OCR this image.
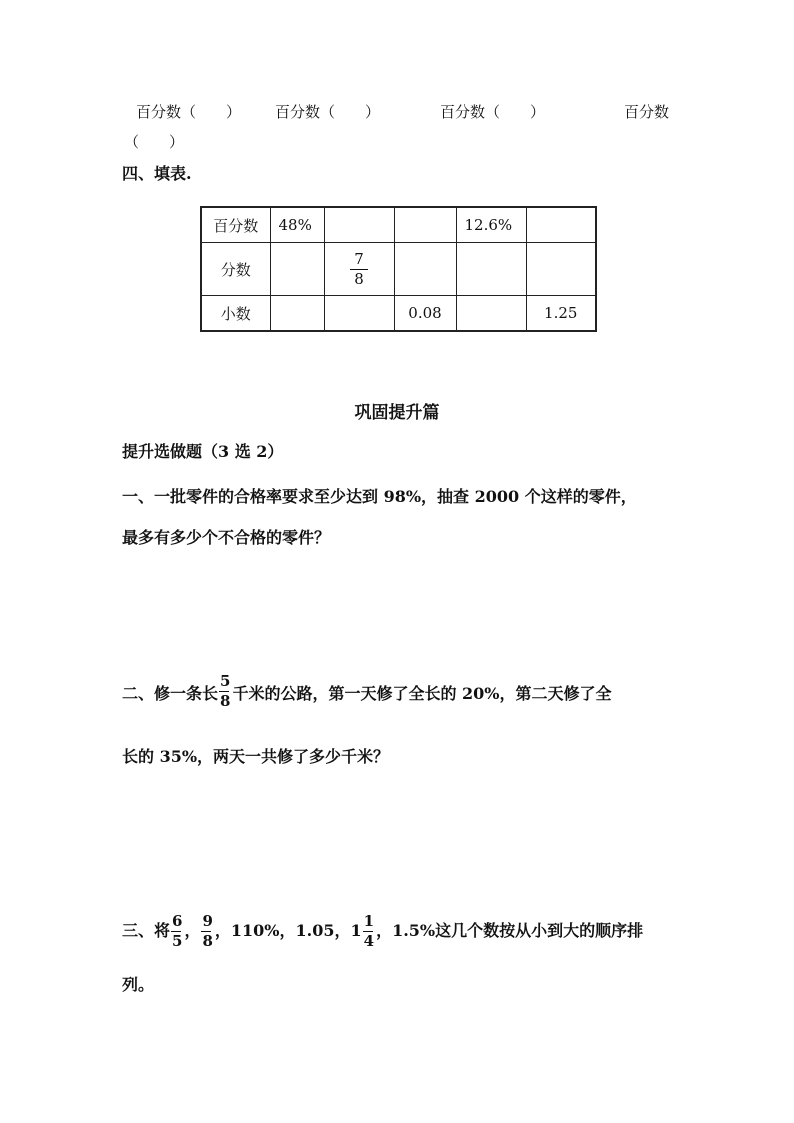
百分数（　　） 百分数（　　）	百分数（　　）	百分数
（　　）
四、填表.
百分数	48%			12.6%	
分数		$\frac{7}{8}$

小数			0.08		1.25
巩固提升篇
提升选做题（3 选 2）
一、一批零件的合格率要求至少达到 98%，抽查 2000 个这样的零件，
最多有多少个不合格的零件？
二、修一条长 $\frac{5}{8}$ 千米的公路，第一天修了全长的 20%，第二天修了全
长的 35%，两天一共修了多少千米？
三、将 $\frac{6}{5}$ ， $\frac{9}{8}$ ，110%，1.05，$1 \frac{1}{4}$ ，1.5%这几个数按从小到大的顺序排
列。
